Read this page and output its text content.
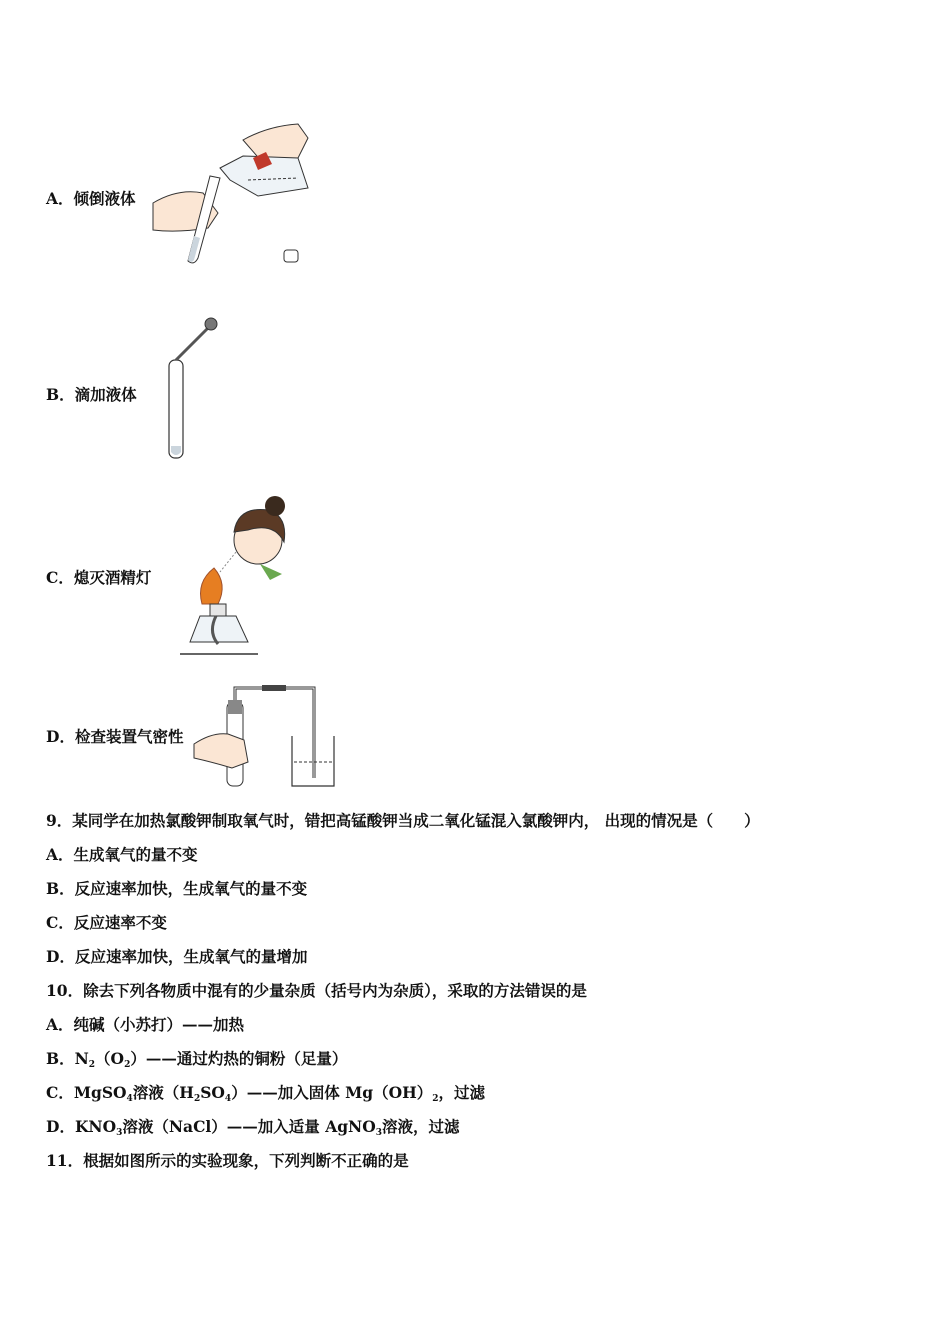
A．倾倒液体
B．滴加液体
C．熄灭酒精灯
D．检查装置气密性
9．某同学在加热氯酸钾制取氧气时，错把高锰酸钾当成二氧化锰混入氯酸钾内， 出现的情况是（　　）
A．生成氧气的量不变
B．反应速率加快，生成氧气的量不变
C．反应速率不变
D．反应速率加快，生成氧气的量增加
10．除去下列各物质中混有的少量杂质（括号内为杂质），采取的方法错误的是
A．纯碱（小苏打）——加热
B．$N_2(O_2)——$通过灼热的铜粉（足量）
C．MgSO$_4$溶液$(H_2SO_4)——$加入固体 $Mg(OH)_2$，过滤
D．$KNO_3$溶液（NaCl）——加入适量 AgNO$_3$溶液，过滤
11．根据如图所示的实验现象，下列判断不正确的是
